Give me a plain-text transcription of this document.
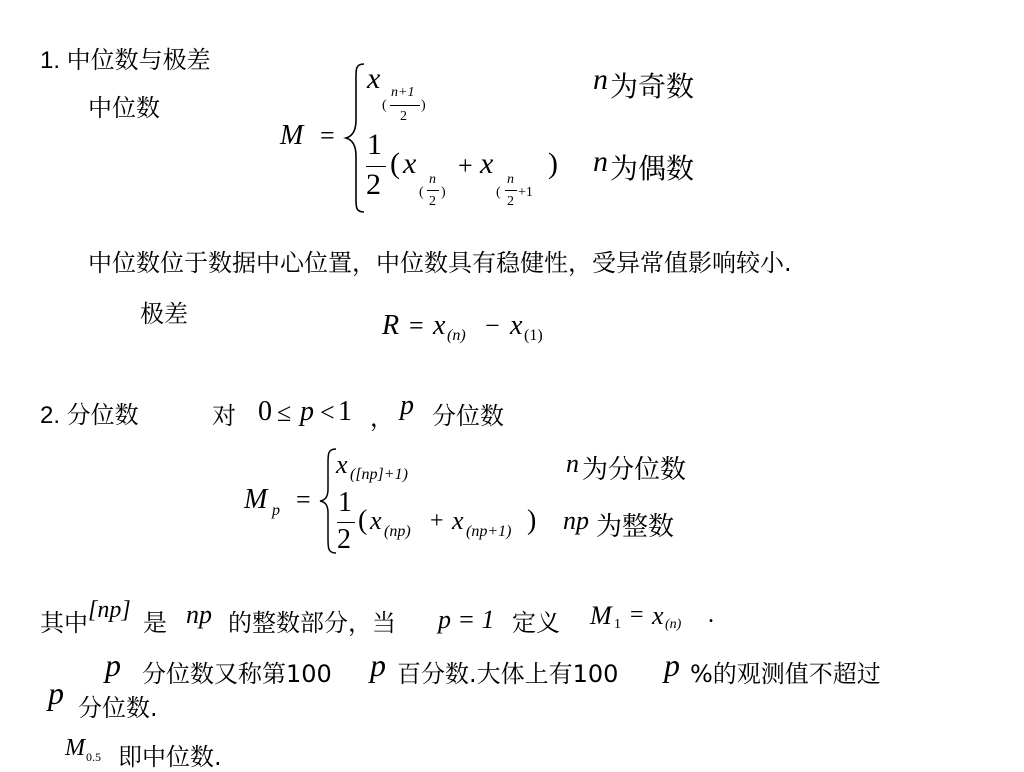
1. 中位数与极差
中位数
M =
x
(
n+1
2
)
1
2
( x
(
n
2
)
+ x
(
n
2
+1
)
n 为奇数
n 为偶数
中位数位于数据中心位置，中位数具有稳健性，受异常值影响较小.
极差	R = x (n) − x (1)
2. 分位数	对 0 ≤ p < 1 ， p 分位数
M p =
x ([np]+1)
1
2
( x (np) + x (np+1) )
n 为分位数
np 为整数
其中 [np] 是 np 的整数部分，当 p = 1 定义 M 1 = x (n) .
p 分位数又称第100 p 百分数.大体上有100 p %的观测值不超过
p 分位数.
M 0.5 即中位数.
